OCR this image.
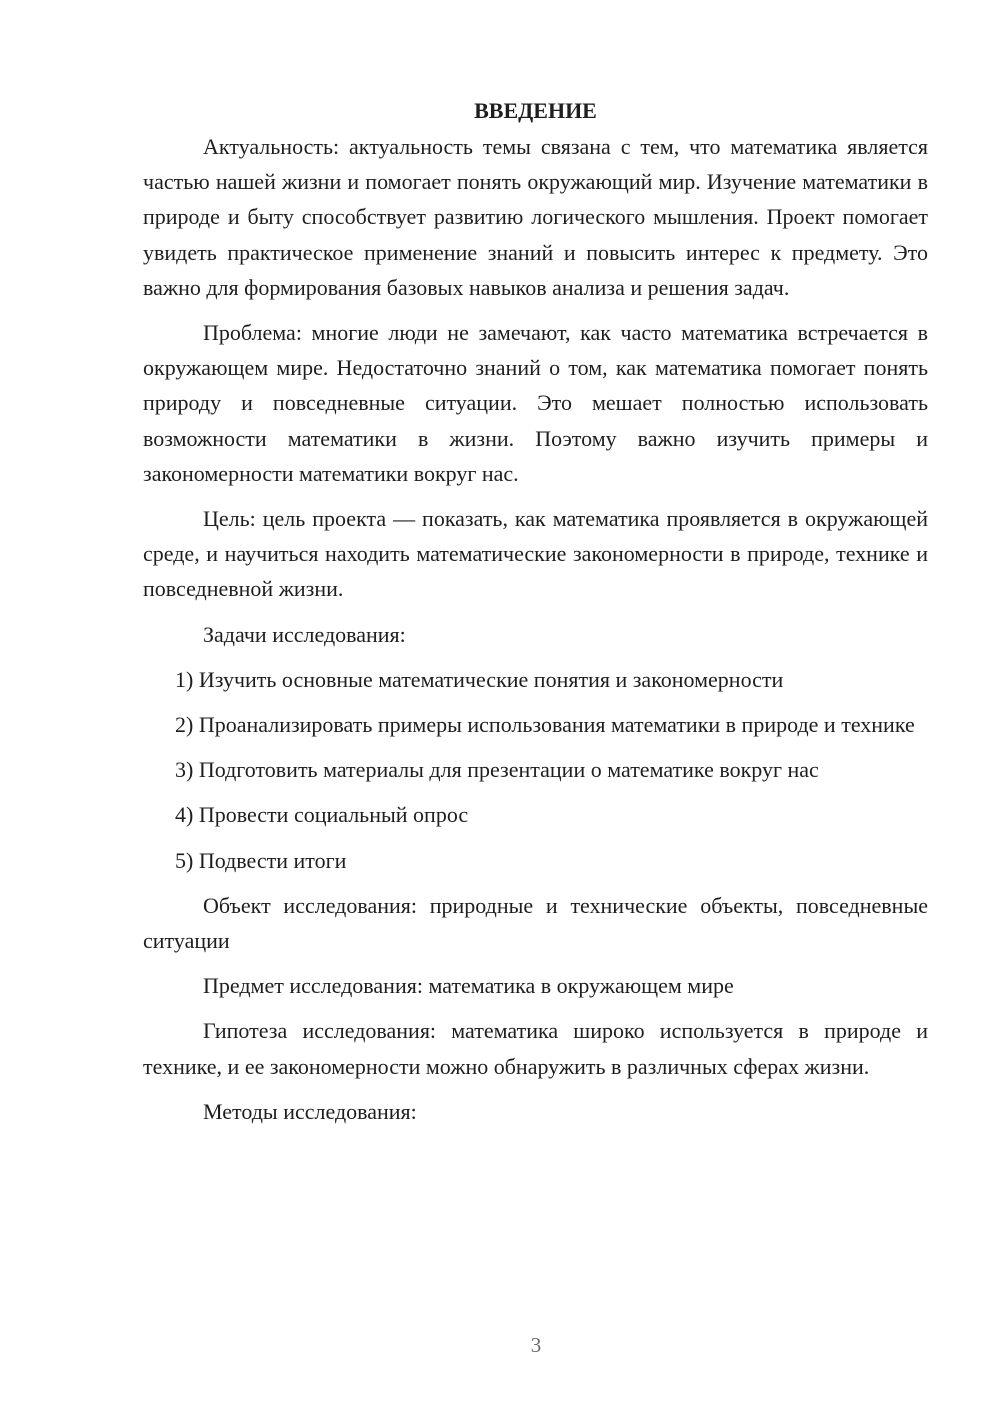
ВВЕДЕНИЕ

Актуальность: актуальность темы связана с тем, что математика является частью нашей жизни и помогает понять окружающий мир. Изучение математики в природе и быту способствует развитию логического мышления. Проект помогает увидеть практическое применение знаний и повысить интерес к предмету. Это важно для формирования базовых навыков анализа и решения задач.

Проблема: многие люди не замечают, как часто математика встречается в окружающем мире. Недостаточно знаний о том, как математика помогает понять природу и повседневные ситуации. Это мешает полностью использовать возможности математики в жизни. Поэтому важно изучить примеры и закономерности математики вокруг нас.

Цель: цель проекта — показать, как математика проявляется в окружающей среде, и научиться находить математические закономерности в природе, технике и повседневной жизни.

Задачи исследования:

1) Изучить основные математические понятия и закономерности

2) Проанализировать примеры использования математики в природе и технике

3) Подготовить материалы для презентации о математике вокруг нас

4) Провести социальный опрос

5) Подвести итоги

Объект исследования: природные и технические объекты, повседневные ситуации

Предмет исследования: математика в окружающем мире

Гипотеза исследования: математика широко используется в природе и технике, и ее закономерности можно обнаружить в различных сферах жизни.

Методы исследования:

3
